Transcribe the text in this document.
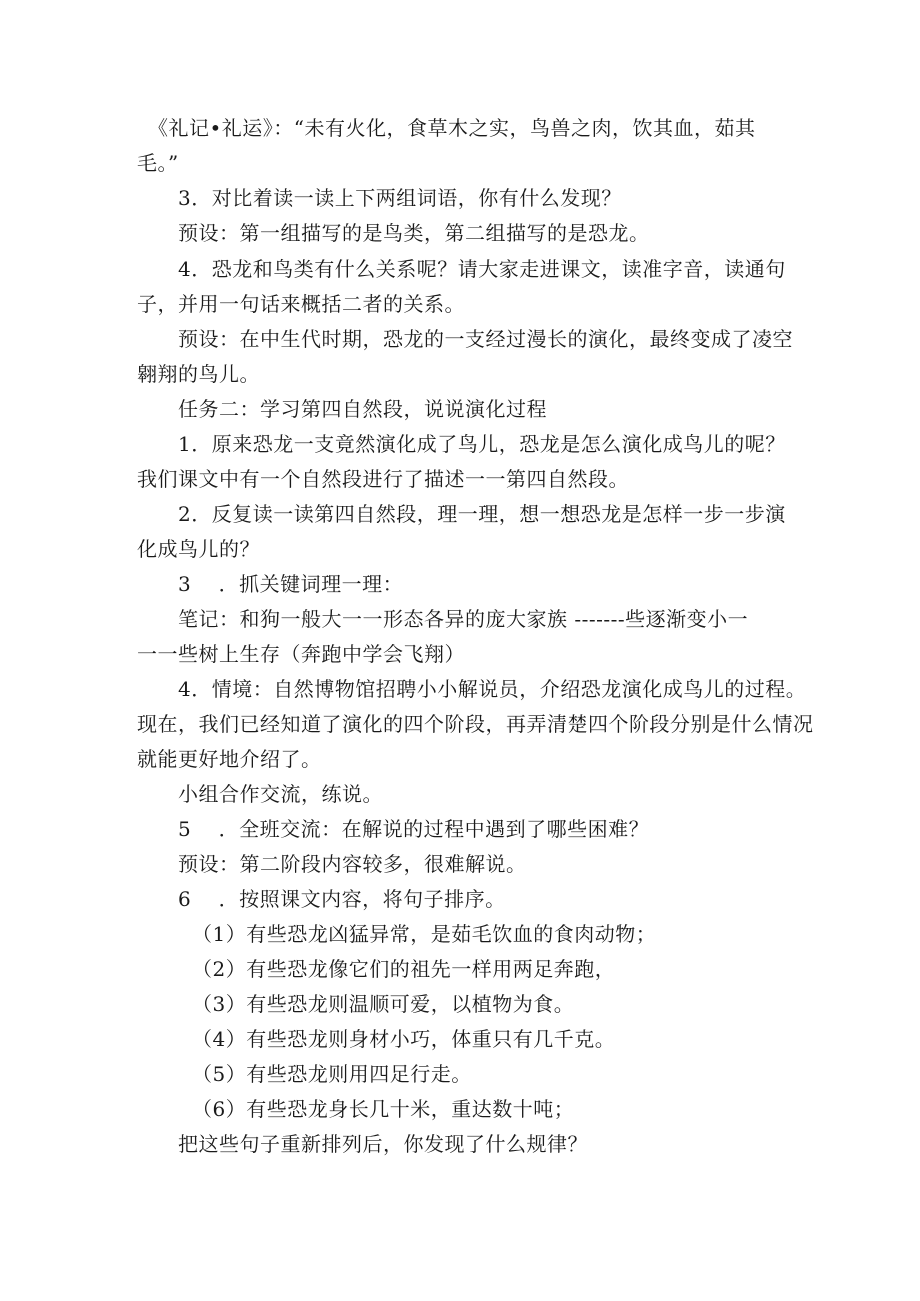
《礼记•礼运》：“未有火化，食草木之实，鸟兽之肉，饮其血，茹其
毛。”
3．对比着读一读上下两组词语，你有什么发现？
预设：第一组描写的是鸟类，第二组描写的是恐龙。
4．恐龙和鸟类有什么关系呢？请大家走进课文，读准字音，读通句
子，并用一句话来概括二者的关系。
预设：在中生代时期，恐龙的一支经过漫长的演化，最终变成了凌空
翱翔的鸟儿。
任务二：学习第四自然段，说说演化过程
1．原来恐龙一支竟然演化成了鸟儿，恐龙是怎么演化成鸟儿的呢？
我们课文中有一个自然段进行了描述一一第四自然段。
2．反复读一读第四自然段，理一理，想一想恐龙是怎样一步一步演
化成鸟儿的？
3    ．抓关键词理一理：
笔记：和狗一般大一一形态各异的庞大家族 -------些逐渐变小一
一一些树上生存（奔跑中学会飞翔）
4．情境：自然博物馆招聘小小解说员，介绍恐龙演化成鸟儿的过程。
现在，我们已经知道了演化的四个阶段，再弄清楚四个阶段分别是什么情况
就能更好地介绍了。
小组合作交流，练说。
5    ．全班交流：在解说的过程中遇到了哪些困难？
预设：第二阶段内容较多，很难解说。
6    ．按照课文内容，将句子排序。
（1）有些恐龙凶猛异常，是茹毛饮血的食肉动物；
（2）有些恐龙像它们的祖先一样用两足奔跑，
（3）有些恐龙则温顺可爱，以植物为食。
（4）有些恐龙则身材小巧，体重只有几千克。
（5）有些恐龙则用四足行走。
（6）有些恐龙身长几十米，重达数十吨；
把这些句子重新排列后，你发现了什么规律？
